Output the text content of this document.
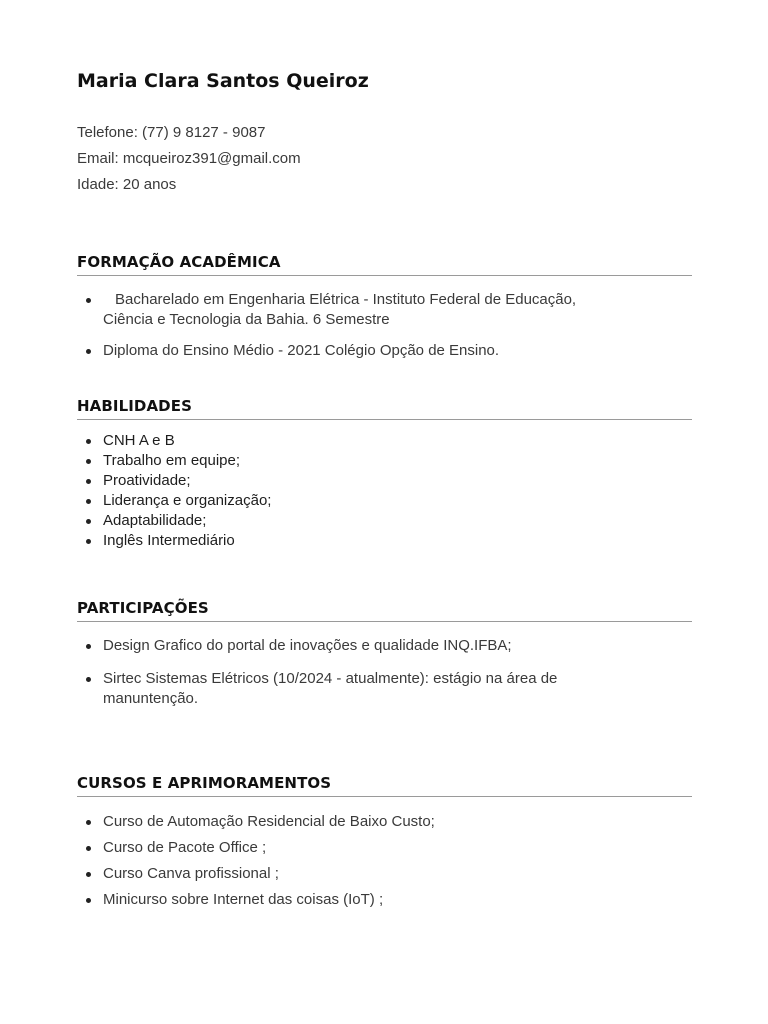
Maria Clara Santos Queiroz
Telefone: (77) 9 8127 - 9087
Email: mcqueiroz391@gmail.com
Idade: 20 anos
FORMAÇÃO ACADÊMICA
Bacharelado em Engenharia Elétrica - Instituto Federal de Educação,
Ciência e Tecnologia da Bahia. 6 Semestre
Diploma do Ensino Médio - 2021 Colégio Opção de Ensino.
HABILIDADES
CNH A e B
Trabalho em equipe;
Proatividade;
Liderança e organização;
Adaptabilidade;
Inglês Intermediário
PARTICIPAÇÕES
Design Grafico do portal de inovações e qualidade INQ.IFBA;
Sirtec Sistemas Elétricos (10/2024 - atualmente): estágio na área de
manuntenção.
CURSOS E APRIMORAMENTOS
Curso de Automação Residencial de Baixo Custo;
Curso de Pacote Office ;
Curso Canva profissional ;
Minicurso sobre Internet das coisas (IoT) ;
